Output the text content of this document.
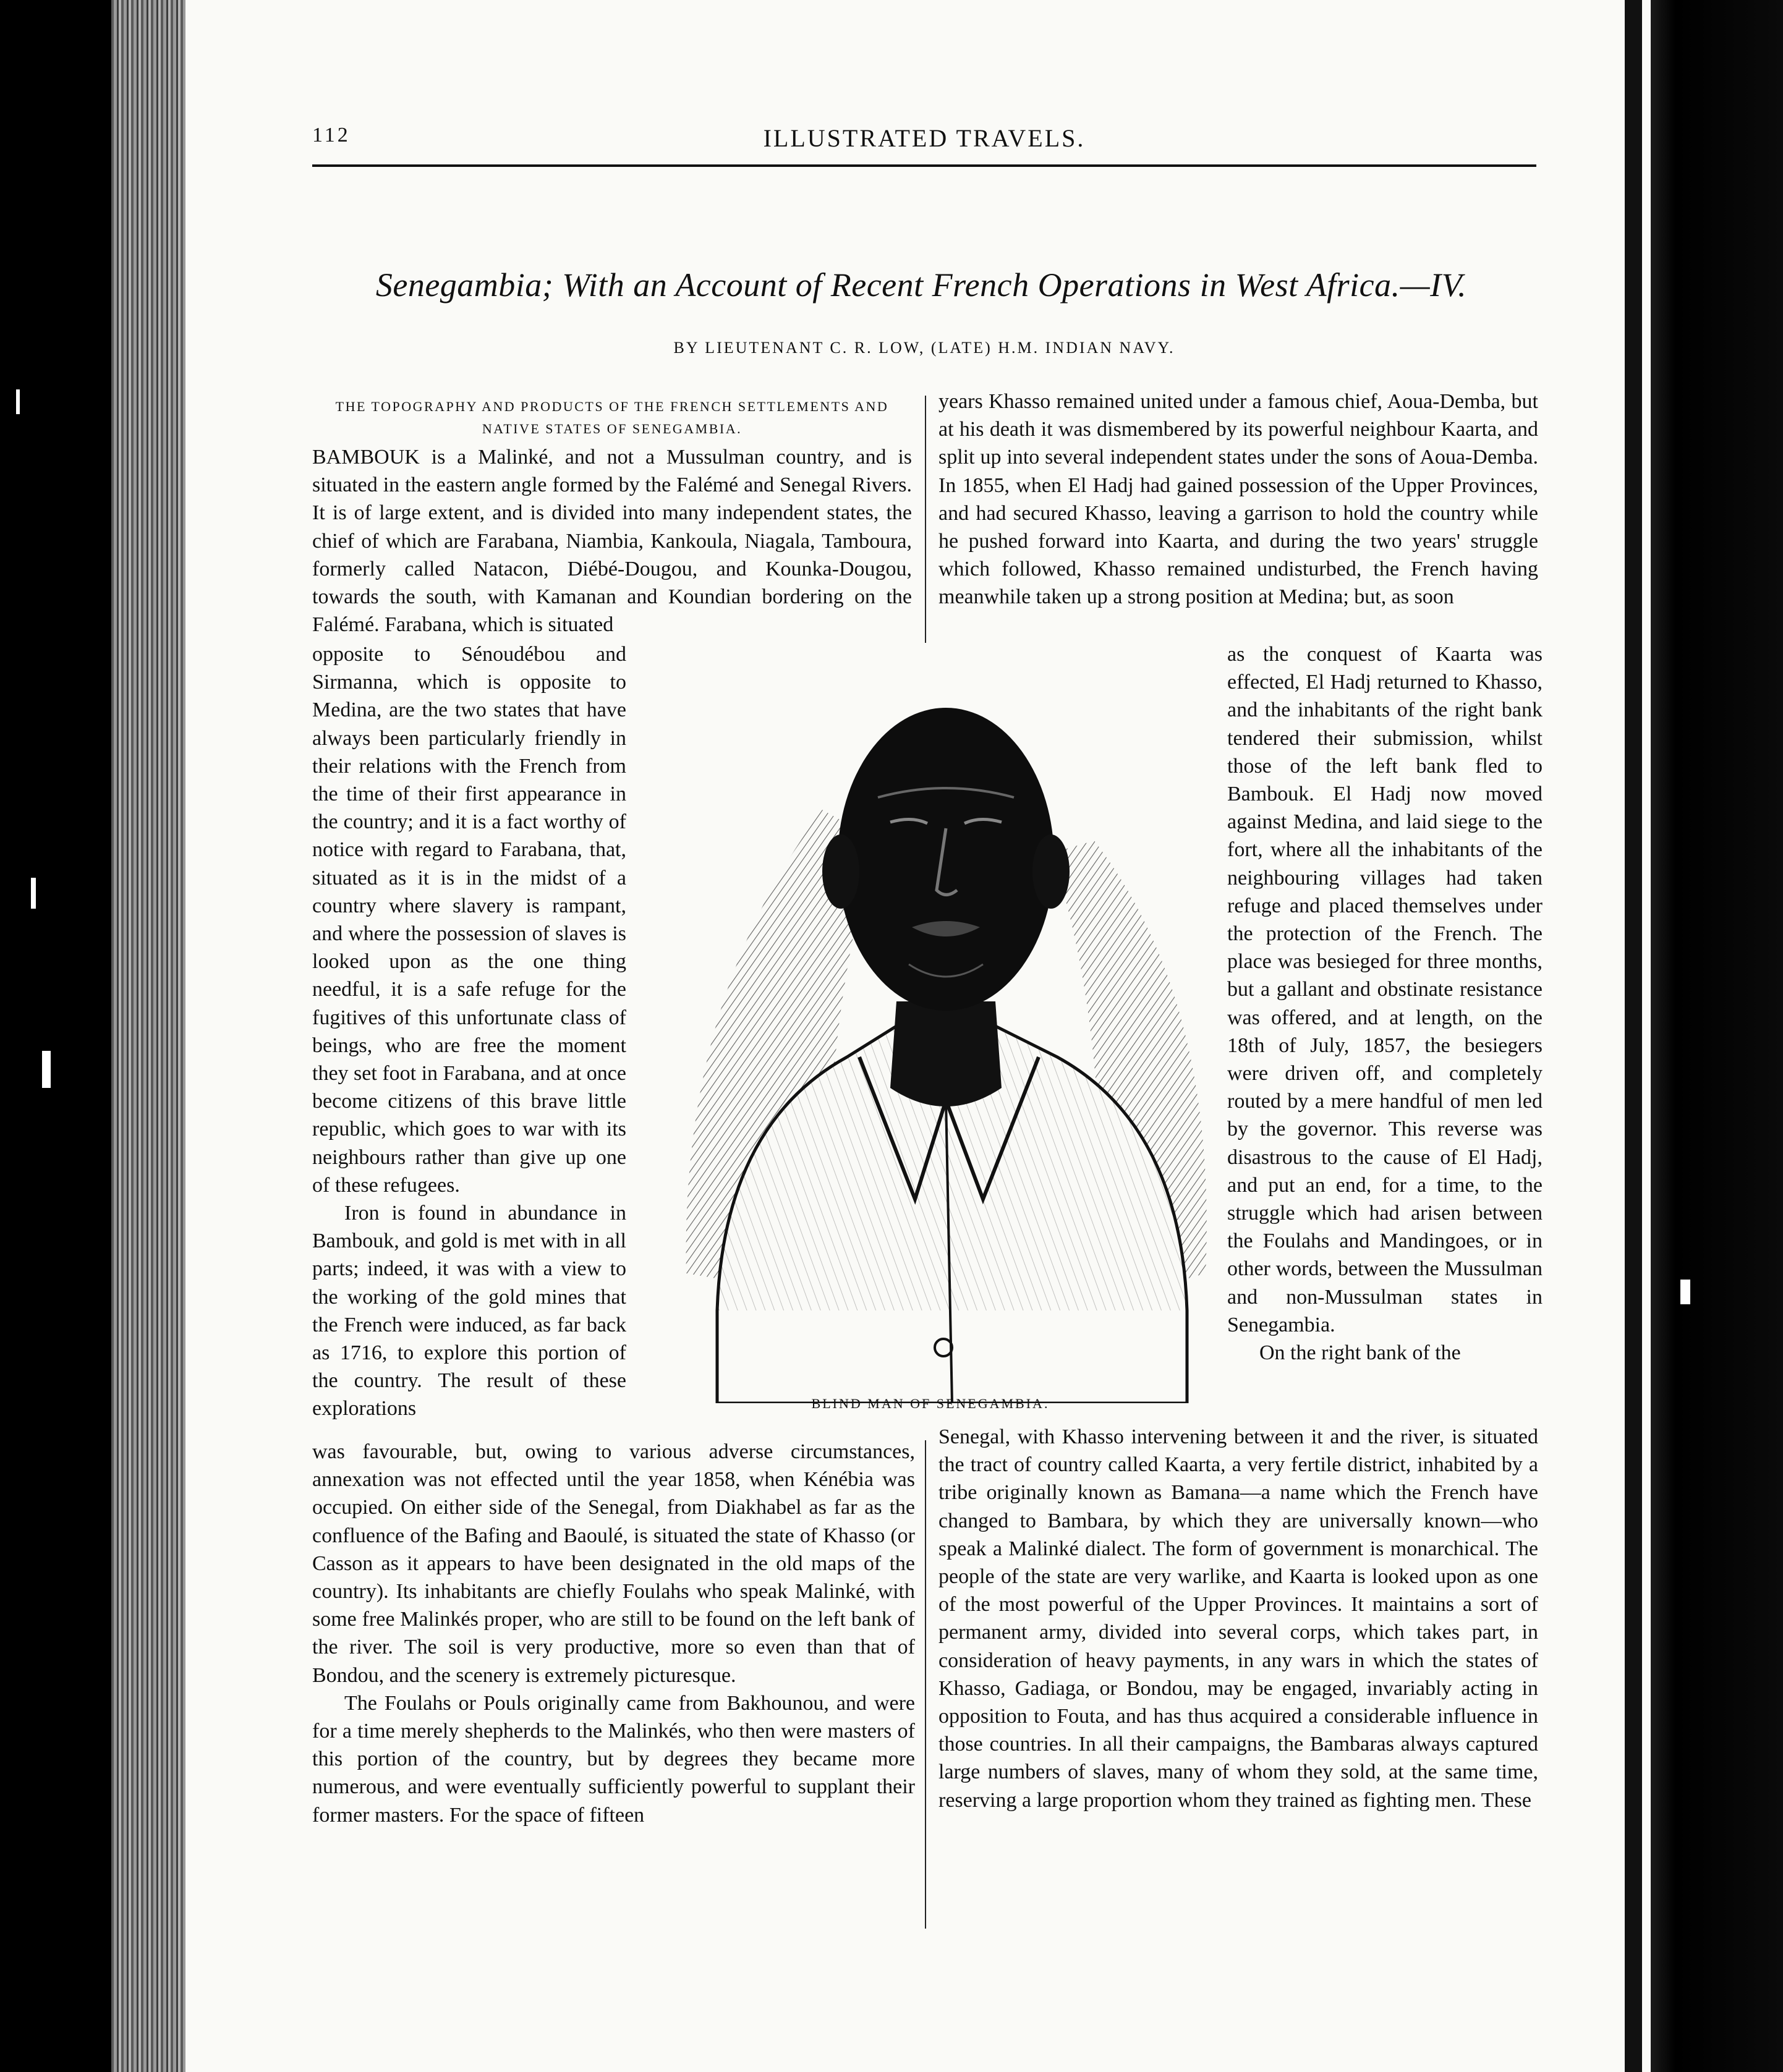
112	ILLUSTRATED TRAVELS.
Senegambia; With an Account of Recent French Operations in West Africa.—IV.
BY LIEUTENANT C. R. LOW, (LATE) H.M. INDIAN NAVY.
THE TOPOGRAPHY AND PRODUCTS OF THE FRENCH SETTLEMENTS AND
NATIVE STATES OF SENEGAMBIA.

BAMBOUK is a Malinké, and not a Mussulman country, and is situated in the eastern angle formed by the Falémé and Senegal Rivers. It is of large extent, and is divided into many independent states, the chief of which are Farabana, Niambia, Kankoula, Niagala, Tamboura, formerly called Natacon, Diébé-Dougou, and Kounka-Dougou, towards the south, with Kamanan and Koundian bordering on the Falémé. Farabana, which is situated

opposite to Sénoudébou and Sirmanna, which is opposite to Medina, are the two states that have always been particularly friendly in their relations with the French from the time of their first appearance in the country; and it is a fact worthy of notice with regard to Farabana, that, situated as it is in the midst of a country where slavery is rampant, and where the possession of slaves is looked upon as the one thing needful, it is a safe refuge for the fugitives of this unfortunate class of beings, who are free the moment they set foot in Farabana, and at once become citizens of this brave little republic, which goes to war with its neighbours rather than give up one of these refugees.

Iron is found in abundance in Bambouk, and gold is met with in all parts; indeed, it was with a view to the working of the gold mines that the French were induced, as far back as 1716, to explore this portion of the country. The result of these explorations

was favourable, but, owing to various adverse circumstances, annexation was not effected until the year 1858, when Kénébia was occupied. On either side of the Senegal, from Diakhabel as far as the confluence of the Bafing and Baoulé, is situated the state of Khasso (or Casson as it appears to have been designated in the old maps of the country). Its inhabitants are chiefly Foulahs who speak Malinké, with some free Malinkés proper, who are still to be found on the left bank of the river. The soil is very productive, more so even than that of Bondou, and the scenery is extremely picturesque.

The Foulahs or Pouls originally came from Bakhounou, and were for a time merely shepherds to the Malinkés, who then were masters of this portion of the country, but by degrees they became more numerous, and were eventually sufficiently powerful to supplant their former masters. For the space of fifteen

years Khasso remained united under a famous chief, Aoua-Demba, but at his death it was dismembered by its powerful neighbour Kaarta, and split up into several independent states under the sons of Aoua-Demba. In 1855, when El Hadj had gained possession of the Upper Provinces, and had secured Khasso, leaving a garrison to hold the country while he pushed forward into Kaarta, and during the two years' struggle which followed, Khasso remained undisturbed, the French having meanwhile taken up a strong position at Medina; but, as soon

as the conquest of Kaarta was effected, El Hadj returned to Khasso, and the inhabitants of the right bank tendered their submission, whilst those of the left bank fled to Bambouk. El Hadj now moved against Medina, and laid siege to the fort, where all the inhabitants of the neighbouring villages had taken refuge and placed themselves under the protection of the French. The place was besieged for three months, but a gallant and obstinate resistance was offered, and at length, on the 18th of July, 1857, the besiegers were driven off, and completely routed by a mere handful of men led by the governor. This reverse was disastrous to the cause of El Hadj, and put an end, for a time, to the struggle which had arisen between the Foulahs and Mandingoes, or in other words, between the Mussulman and non-Mussulman states in Senegambia.

On the right bank of the

Senegal, with Khasso intervening between it and the river, is situated the tract of country called Kaarta, a very fertile district, inhabited by a tribe originally known as Bamana—a name which the French have changed to Bambara, by which they are universally known—who speak a Malinké dialect. The form of government is monarchical. The people of the state are very warlike, and Kaarta is looked upon as one of the most powerful of the Upper Provinces. It maintains a sort of permanent army, divided into several corps, which takes part, in consideration of heavy payments, in any wars in which the states of Khasso, Gadiaga, or Bondou, may be engaged, invariably acting in opposition to Fouta, and has thus acquired a considerable influence in those countries. In all their campaigns, the Bambaras always captured large numbers of slaves, many of whom they sold, at the same time, reserving a large proportion whom they trained as fighting men. These

BLIND MAN OF SENEGAMBIA.
